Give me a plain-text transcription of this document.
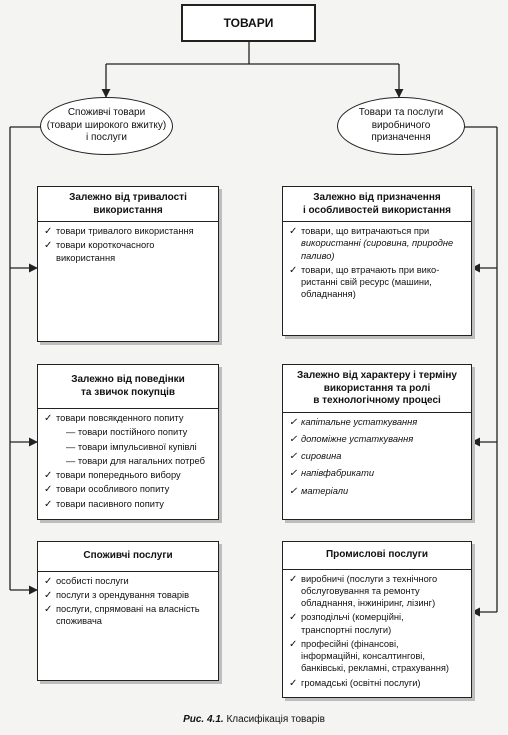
ТОВАРИ
Споживчі товари
(товари широкого вжитку)
і послуги
Товари та послуги
виробничого
призначення
Залежно від тривалості
використання
✓ товари тривалого використання
✓ товари короткочасного
використання
Залежно від поведінки
та звичок покупців
✓ товари повсякденного попиту
— товари постійного попиту
— товари імпульсивної купівлі
— товари для нагальних потреб
✓ товари попереднього вибору
✓ товари особливого попиту
✓ товари пасивного попиту
Споживчі послуги
✓ особисті послуги
✓ послуги з орендування товарів
✓ послуги, спрямовані на власність
споживача
Залежно від призначення
і особливостей використання
✓ товари, що витрачаються при
використанні (сировина, природне
паливо)
✓ товари, що втрачають при вико-
ристанні свій ресурс (машини,
обладнання)
Залежно від характеру і терміну
використання та ролі
в технологічному процесі
✓ капітальне устаткування
✓ допоміжне устаткування
✓ сировина
✓ напівфабрикати
✓ матеріали
Промислові послуги
✓ виробничі (послуги з технічного
обслуговування та ремонту
обладнання, інжиніринг, лізинг)
✓ розподільчі (комерційні,
транспортні послуги)
✓ професійні (фінансові,
інформаційні, консалтингові,
банківські, рекламні, страхування)
✓ громадські (освітні послуги)
Рис. 4.1. Класифікація товарів
